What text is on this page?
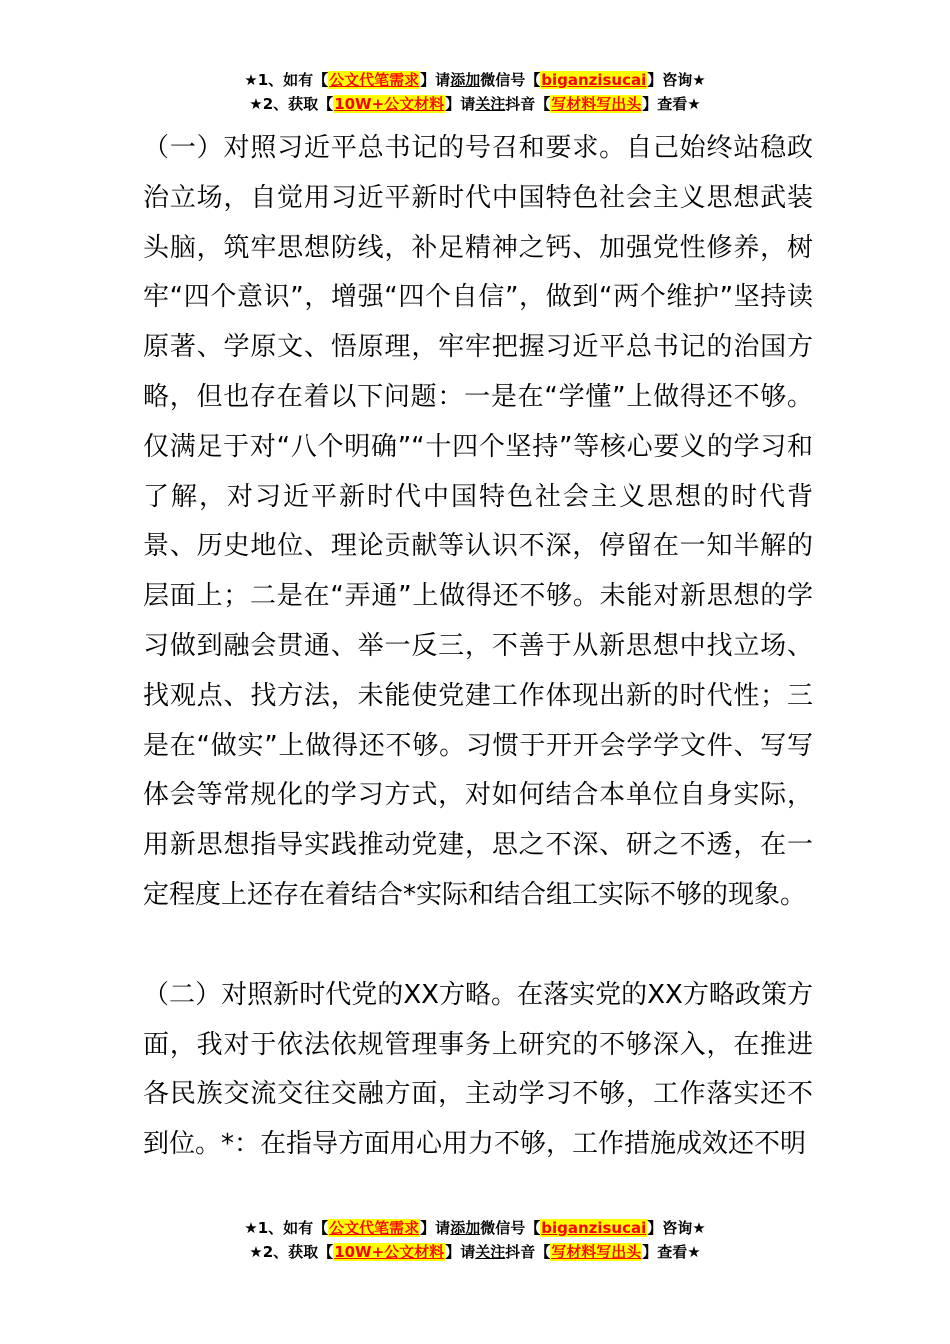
★1、如有【公文代笔需求】请添加微信号【biganzisucai】咨询★
★2、获取【10W+公文材料】请关注抖音【写材料写出头】查看★

（一）对照习近平总书记的号召和要求。自己始终站稳政治立场，自觉用习近平新时代中国特色社会主义思想武装头脑，筑牢思想防线，补足精神之钙、加强党性修养，树牢“四个意识”，增强“四个自信”，做到“两个维护”坚持读原著、学原文、悟原理，牢牢把握习近平总书记的治国方略，但也存在着以下问题：一是在“学懂”上做得还不够。仅满足于对“八个明确”“十四个坚持”等核心要义的学习和了解，对习近平新时代中国特色社会主义思想的时代背景、历史地位、理论贡献等认识不深，停留在一知半解的层面上；二是在“弄通”上做得还不够。未能对新思想的学习做到融会贯通、举一反三，不善于从新思想中找立场、找观点、找方法，未能使党建工作体现出新的时代性；三是在“做实”上做得还不够。习惯于开开会学学文件、写写体会等常规化的学习方式，对如何结合本单位自身实际，用新思想指导实践推动党建，思之不深、研之不透，在一定程度上还存在着结合*实际和结合组工实际不够的现象。

（二）对照新时代党的XX方略。在落实党的XX方略政策方面，我对于依法依规管理事务上研究的不够深入，在推进各民族交流交往交融方面，主动学习不够，工作落实还不到位。*：在指导方面用心用力不够，工作措施成效还不明

★1、如有【公文代笔需求】请添加微信号【biganzisucai】咨询★
★2、获取【10W+公文材料】请关注抖音【写材料写出头】查看★
